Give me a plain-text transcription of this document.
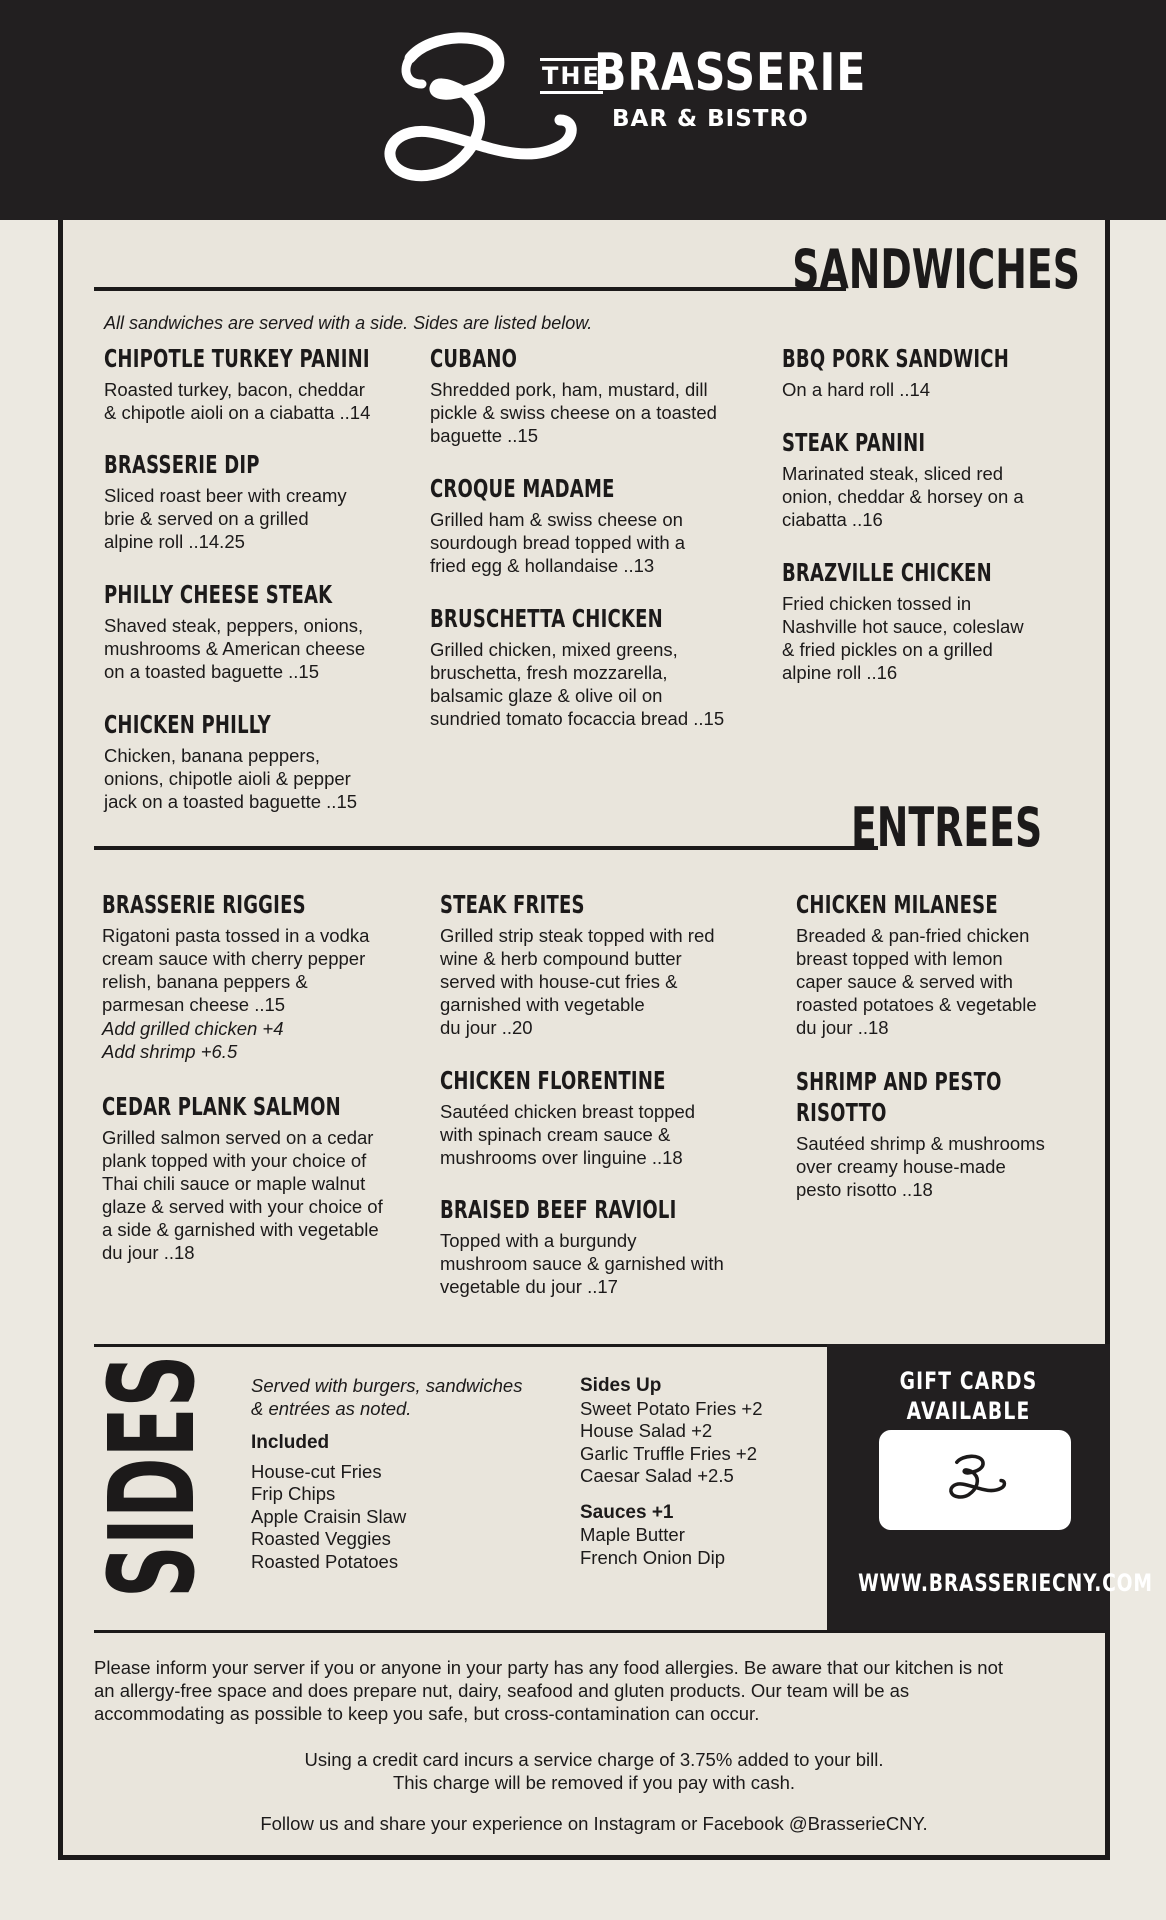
THE
BRASSERIE
BAR & BISTRO
SANDWICHES
All sandwiches are served with a side. Sides are listed below.
CHIPOTLE TURKEY PANINI
Roasted turkey, bacon, cheddar
& chipotle aioli on a ciabatta ..14
BRASSERIE DIP
Sliced roast beer with creamy
brie & served on a grilled
alpine roll ..14.25
PHILLY CHEESE STEAK
Shaved steak, peppers, onions,
mushrooms & American cheese
on a toasted baguette ..15
CHICKEN PHILLY
Chicken, banana peppers,
onions, chipotle aioli & pepper
jack on a toasted baguette ..15
CUBANO
Shredded pork, ham, mustard, dill
pickle & swiss cheese on a toasted
baguette ..15
CROQUE MADAME
Grilled ham & swiss cheese on
sourdough bread topped with a
fried egg & hollandaise ..13
BRUSCHETTA CHICKEN
Grilled chicken, mixed greens,
bruschetta, fresh mozzarella,
balsamic glaze & olive oil on
sundried tomato focaccia bread ..15
BBQ PORK SANDWICH
On a hard roll ..14
STEAK PANINI
Marinated steak, sliced red
onion, cheddar & horsey on a
ciabatta ..16
BRAZVILLE CHICKEN
Fried chicken tossed in
Nashville hot sauce, coleslaw
& fried pickles on a grilled
alpine roll ..16
ENTREES
BRASSERIE RIGGIES
Rigatoni pasta tossed in a vodka
cream sauce with cherry pepper
relish, banana peppers &
parmesan cheese ..15
Add grilled chicken +4
Add shrimp +6.5
CEDAR PLANK SALMON
Grilled salmon served on a cedar
plank topped with your choice of
Thai chili sauce or maple walnut
glaze & served with your choice of
a side & garnished with vegetable
du jour ..18
STEAK FRITES
Grilled strip steak topped with red
wine & herb compound butter
served with house-cut fries &
garnished with vegetable
du jour ..20
CHICKEN FLORENTINE
Sautéed chicken breast topped
with spinach cream sauce &
mushrooms over linguine ..18
BRAISED BEEF RAVIOLI
Topped with a burgundy
mushroom sauce & garnished with
vegetable du jour ..17
CHICKEN MILANESE
Breaded & pan-fried chicken
breast topped with lemon
caper sauce & served with
roasted potatoes & vegetable
du jour ..18
SHRIMP AND PESTO RISOTTO
Sautéed shrimp & mushrooms
over creamy house-made
pesto risotto ..18
SIDES Served with burgers, sandwiches
& entrées as noted.
Included
House-cut Fries
Frip Chips
Apple Craisin Slaw
Roasted Veggies
Roasted Potatoes
Sides Up
Sweet Potato Fries +2
House Salad +2
Garlic Truffle Fries +2
Caesar Salad +2.5
Sauces +1
Maple Butter
French Onion Dip
GIFT CARDS AVAILABLE
WWW.BRASSERIECNY.COM
Please inform your server if you or anyone in your party has any food allergies. Be aware that our kitchen is not
an allergy-free space and does prepare nut, dairy, seafood and gluten products. Our team will be as
accommodating as possible to keep you safe, but cross-contamination can occur.
Using a credit card incurs a service charge of 3.75% added to your bill.
This charge will be removed if you pay with cash.
Follow us and share your experience on Instagram or Facebook @BrasserieCNY.
